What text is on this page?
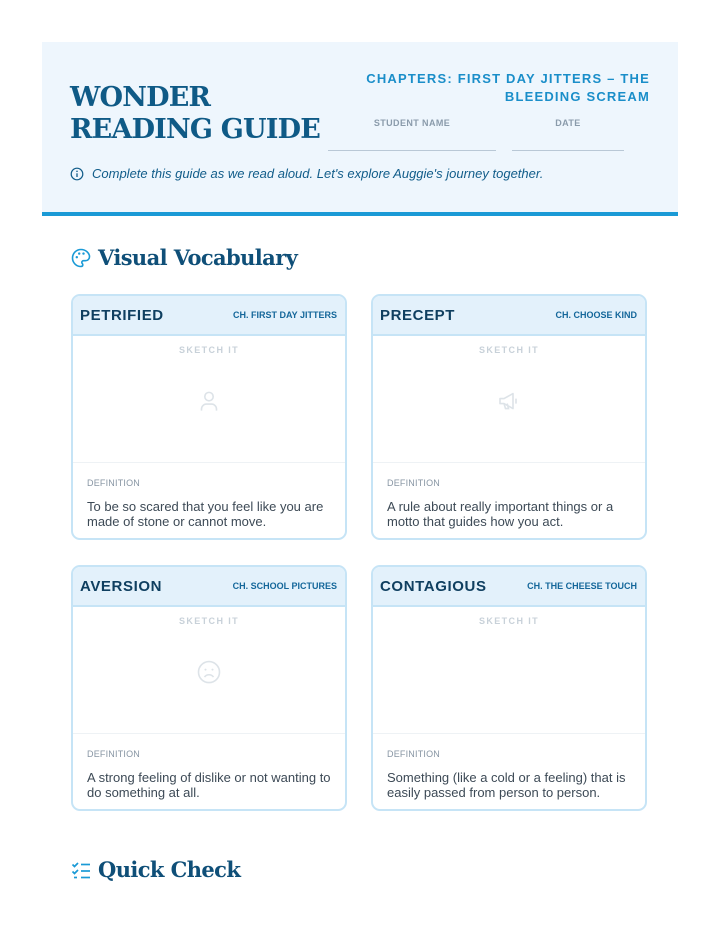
WONDER READING GUIDE
CHAPTERS: FIRST DAY JITTERS – THE BLEEDING SCREAM
STUDENT NAME	DATE
Complete this guide as we read aloud. Let's explore Auggie's journey together.
Visual Vocabulary
PETRIFIED	CH. FIRST DAY JITTERS
SKETCH IT
DEFINITION
To be so scared that you feel like you are made of stone or cannot move.
PRECEPT	CH. CHOOSE KIND
SKETCH IT
DEFINITION
A rule about really important things or a motto that guides how you act.
AVERSION	CH. SCHOOL PICTURES
SKETCH IT
DEFINITION
A strong feeling of dislike or not wanting to do something at all.
CONTAGIOUS	CH. THE CHEESE TOUCH
SKETCH IT
DEFINITION
Something (like a cold or a feeling) that is easily passed from person to person.
Quick Check
